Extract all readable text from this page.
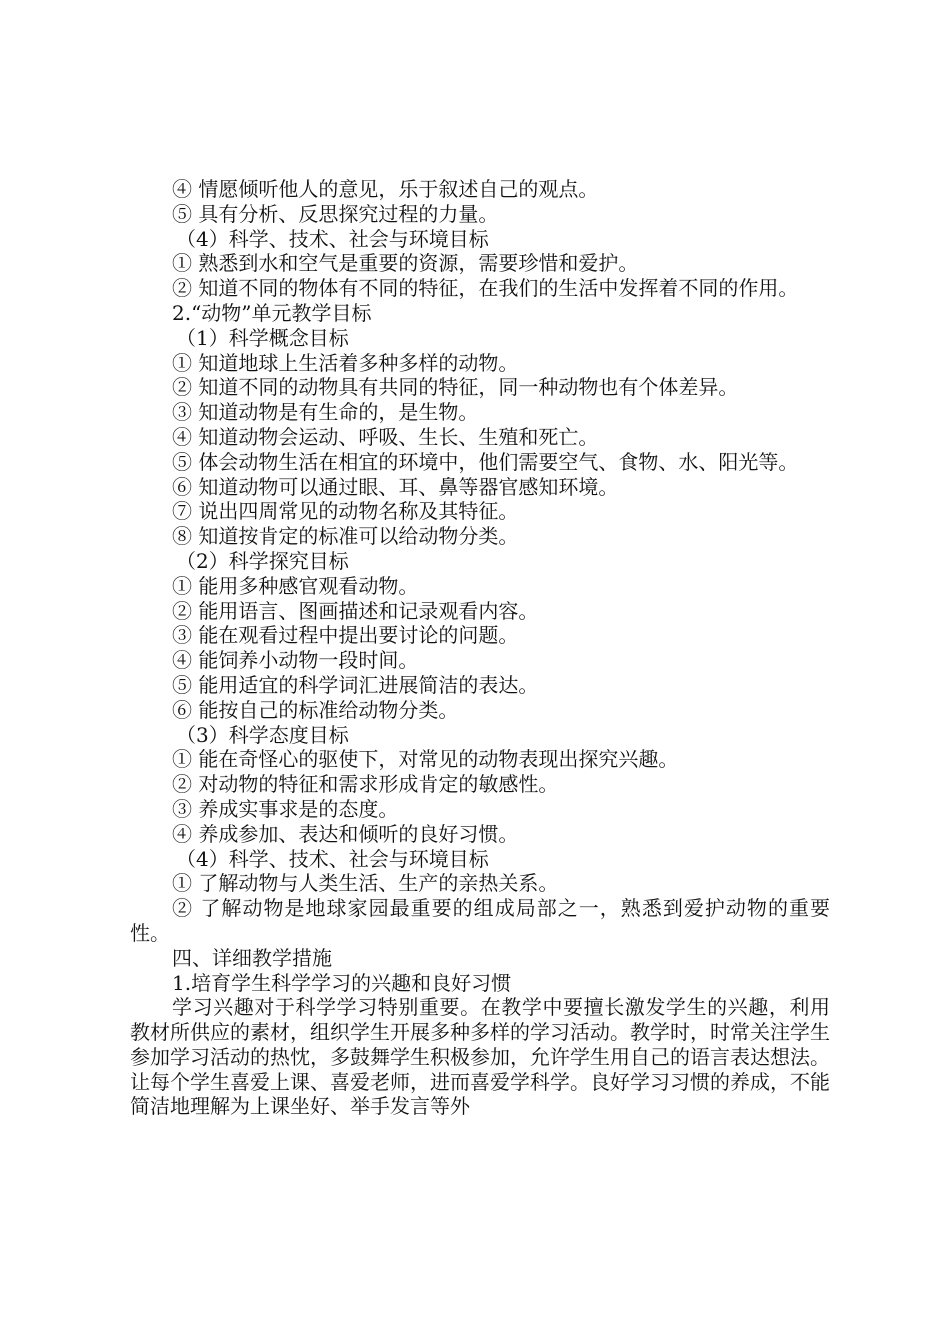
④ 情愿倾听他人的意见，乐于叙述自己的观点。

⑤ 具有分析、反思探究过程的力量。

（4）科学、技术、社会与环境目标

① 熟悉到水和空气是重要的资源，需要珍惜和爱护。

② 知道不同的物体有不同的特征，在我们的生活中发挥着不同的作用。

2.“动物”单元教学目标

（1）科学概念目标

① 知道地球上生活着多种多样的动物。

② 知道不同的动物具有共同的特征，同一种动物也有个体差异。

③ 知道动物是有生命的，是生物。

④ 知道动物会运动、呼吸、生长、生殖和死亡。

⑤ 体会动物生活在相宜的环境中，他们需要空气、食物、水、阳光等。

⑥ 知道动物可以通过眼、耳、鼻等器官感知环境。

⑦ 说出四周常见的动物名称及其特征。

⑧ 知道按肯定的标准可以给动物分类。

（2）科学探究目标

① 能用多种感官观看动物。

② 能用语言、图画描述和记录观看内容。

③ 能在观看过程中提出要讨论的问题。

④ 能饲养小动物一段时间。

⑤ 能用适宜的科学词汇进展简洁的表达。

⑥ 能按自己的标准给动物分类。

（3）科学态度目标

① 能在奇怪心的驱使下，对常见的动物表现出探究兴趣。

② 对动物的特征和需求形成肯定的敏感性。

③ 养成实事求是的态度。

④ 养成参加、表达和倾听的良好习惯。

（4）科学、技术、社会与环境目标

① 了解动物与人类生活、生产的亲热关系。

② 了解动物是地球家园最重要的组成局部之一，熟悉到爱护动物的重要性。

四、详细教学措施

1.培育学生科学学习的兴趣和良好习惯

学习兴趣对于科学学习特别重要。在教学中要擅长激发学生的兴趣，利用教材所供应的素材，组织学生开展多种多样的学习活动。教学时，时常关注学生参加学习活动的热忱，多鼓舞学生积极参加，允许学生用自己的语言表达想法。让每个学生喜爱上课、喜爱老师，进而喜爱学科学。良好学习习惯的养成，不能简洁地理解为上课坐好、举手发言等外
